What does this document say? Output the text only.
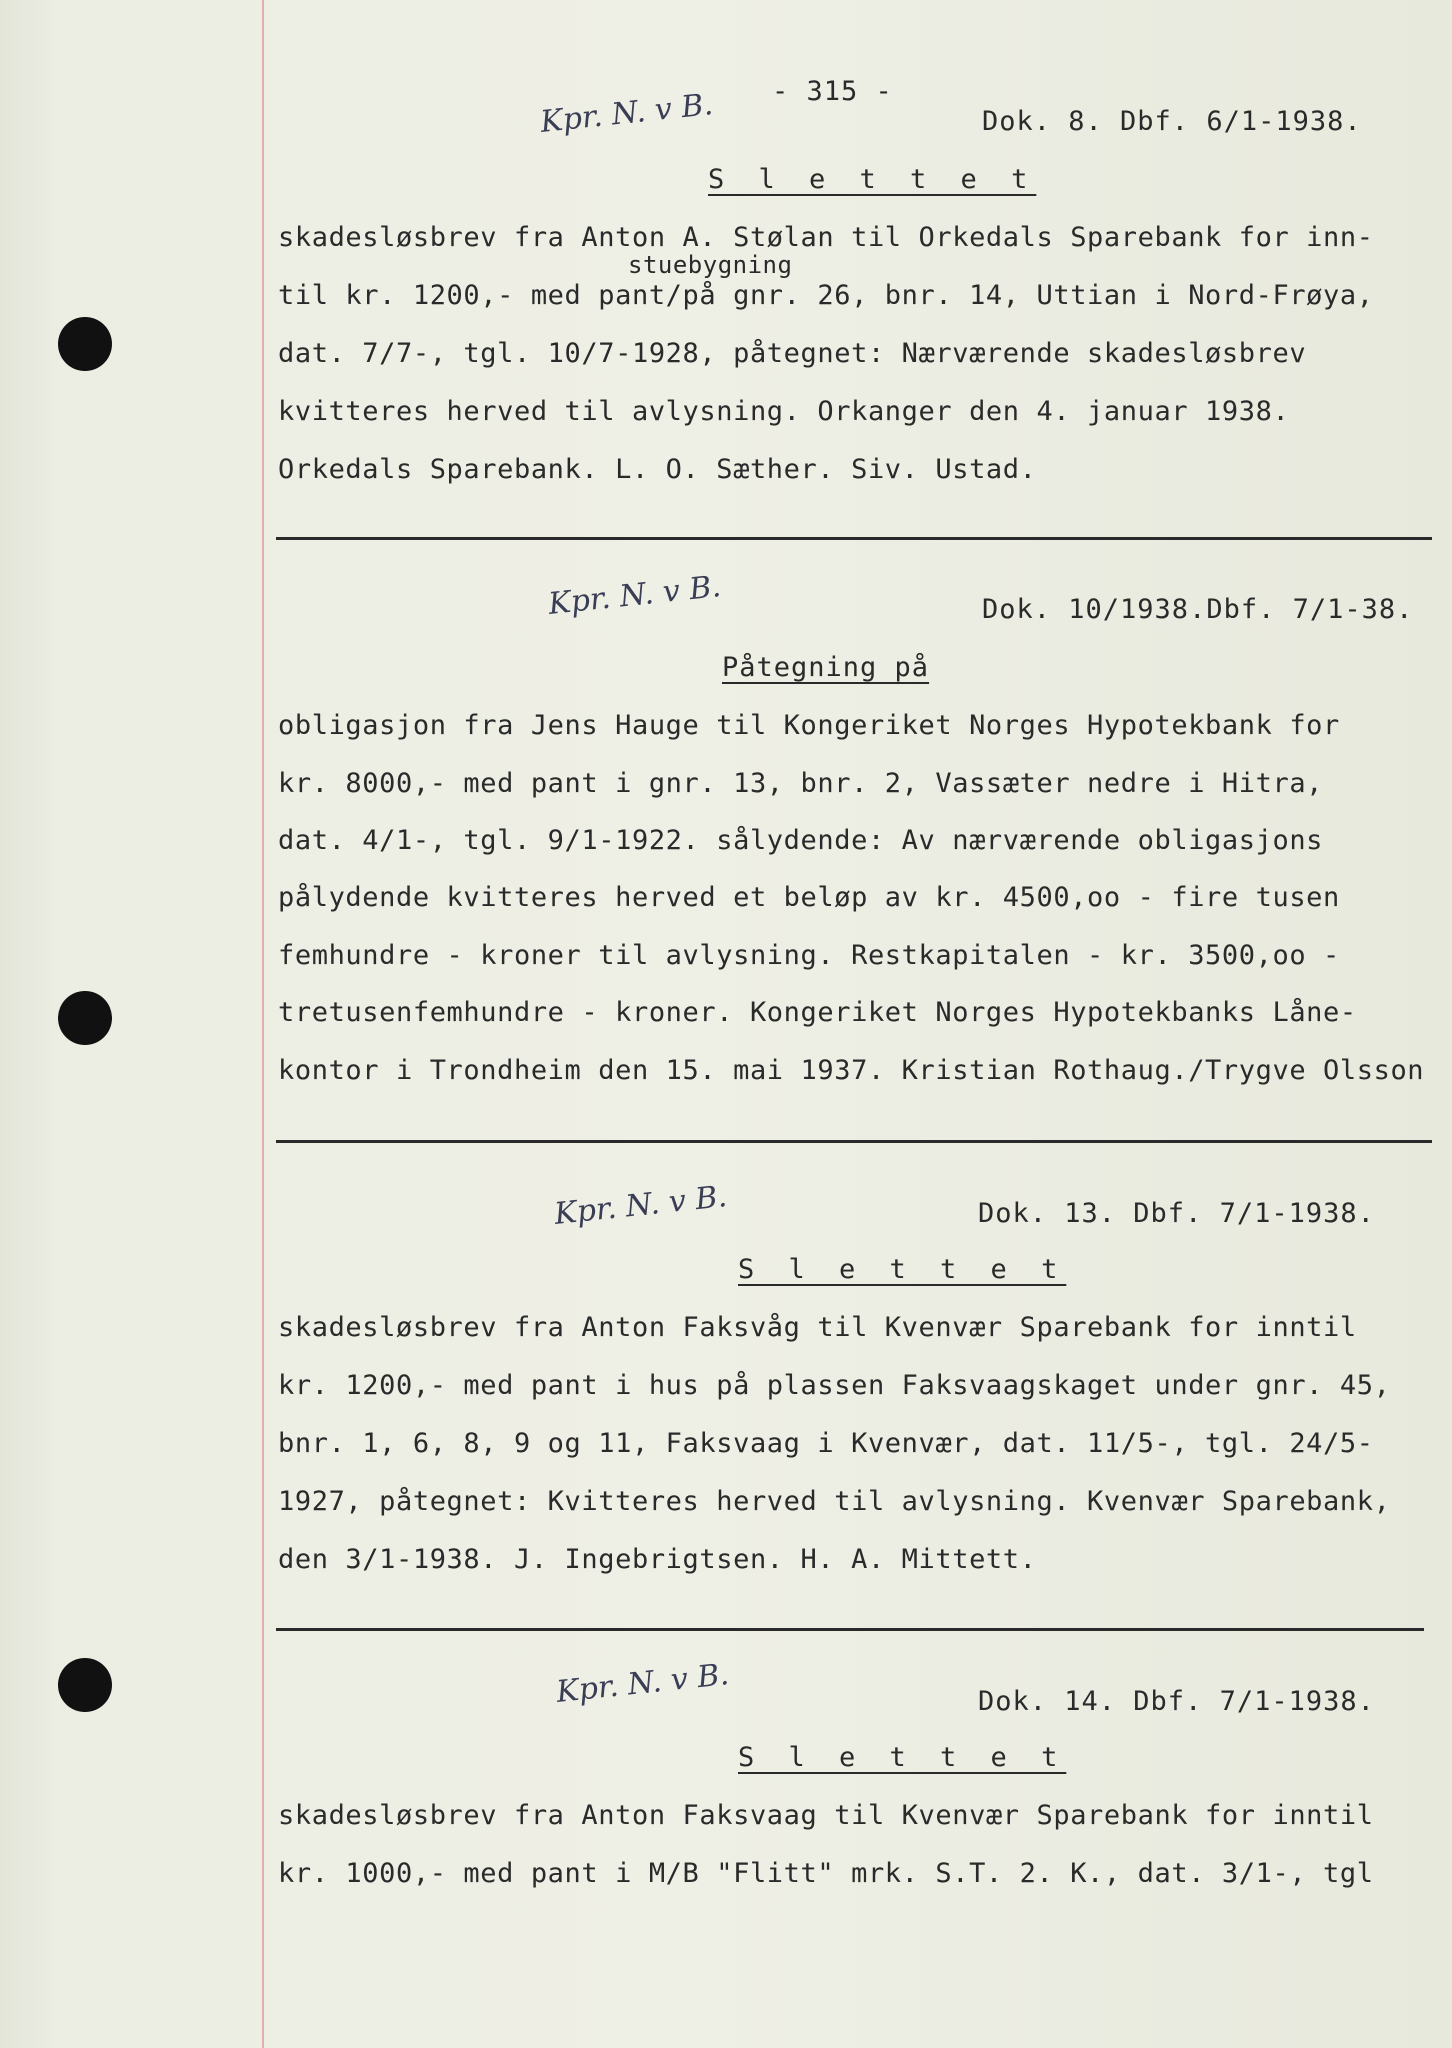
- 315 -
Kpr. N. v B.	Dok. 8. Dbf. 6/1-1938.
S l e t t e t
skadesløsbrev fra Anton A. Stølan til Orkedals Sparebank for inn-
stuebygning
til kr. 1200,- med pant/på gnr. 26, bnr. 14, Uttian i Nord-Frøya,
dat. 7/7-, tgl. 10/7-1928, påtegnet: Nærværende skadesløsbrev
kvitteres herved til avlysning. Orkanger den 4. januar 1938.
Orkedals Sparebank. L. O. Sæther. Siv. Ustad.
Kpr. N. v B.	Dok. 10/1938.Dbf. 7/1-38.
Påtegning på
obligasjon fra Jens Hauge til Kongeriket Norges Hypotekbank for
kr. 8000,- med pant i gnr. 13, bnr. 2, Vassæter nedre i Hitra,
dat. 4/1-, tgl. 9/1-1922. sålydende: Av nærværende obligasjons
pålydende kvitteres herved et beløp av kr. 4500,oo - fire tusen
femhundre - kroner til avlysning. Restkapitalen - kr. 3500,oo -
tretusenfemhundre - kroner. Kongeriket Norges Hypotekbanks Låne-
kontor i Trondheim den 15. mai 1937. Kristian Rothaug./Trygve Olsson
Kpr. N. v B.	Dok. 13. Dbf. 7/1-1938.
S l e t t e t
skadesløsbrev fra Anton Faksvåg til Kvenvær Sparebank for inntil
kr. 1200,- med pant i hus på plassen Faksvaagskaget under gnr. 45,
bnr. 1, 6, 8, 9 og 11, Faksvaag i Kvenvær, dat. 11/5-, tgl. 24/5-
1927, påtegnet: Kvitteres herved til avlysning. Kvenvær Sparebank,
den 3/1-1938. J. Ingebrigtsen. H. A. Mittett.
Kpr. N. v B.	Dok. 14. Dbf. 7/1-1938.
S l e t t e t
skadesløsbrev fra Anton Faksvaag til Kvenvær Sparebank for inntil
kr. 1000,- med pant i M/B "Flitt" mrk. S.T. 2. K., dat. 3/1-, tgl
